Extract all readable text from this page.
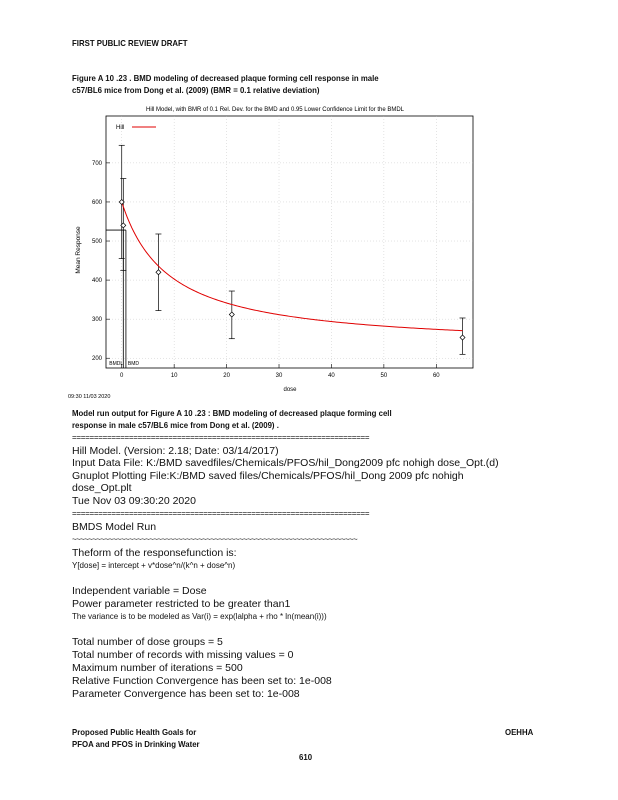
FIRST PUBLIC REVIEW DRAFT
Figure A 10 .23 . BMD modeling of decreased plaque forming cell response in male
c57/BL6 mice from Dong et al. (2009) (BMR = 0.1 relative deviation)
Hill Model, with BMR of 0.1 Rel. Dev. for the BMD and 0.95 Lower Confidence Limit for the BMDL
0	10	20	30	40	50	60
200
300
400
500
600
700
Hill
BMDL BMD
Mean Response
dose
09:30 11/03 2020
Model run output for Figure A 10 .23 : BMD modeling of decreased plaque forming cell
response in male c57/BL6 mice from Dong et al. (2009) .
====================================================================
Hill Model. (Version: 2.18; Date: 03/14/2017)
Input Data File: K:/BMD savedfiles/Chemicals/PFOS/hil_Dong2009 pfc nohigh dose_Opt.(d)
Gnuplot Plotting File:K:/BMD saved files/Chemicals/PFOS/hil_Dong 2009 pfc nohigh
dose_Opt.plt
Tue Nov 03 09:30:20 2020
====================================================================
BMDS Model Run
~~~~~~~~~~~~~~~~~~~~~~~~~~~~~~~~~~~~~~~~~~~~~~~~~~~~~~~~~~~~~~~~~~~~~~
Theform of the responsefunction is:
Y[dose] = intercept + v*dose^n/(k^n + dose^n)
Independent variable = Dose
Power parameter restricted to be greater than1
The variance is to be modeled as Var(i) = exp(lalpha + rho * ln(mean(i)))
Total number of dose groups = 5
Total number of records with missing values = 0
Maximum number of iterations = 500
Relative Function Convergence has been set to: 1e-008
Parameter Convergence has been set to: 1e-008
Proposed Public Health Goals for
PFOA and PFOS in Drinking Water
OEHHA
610
